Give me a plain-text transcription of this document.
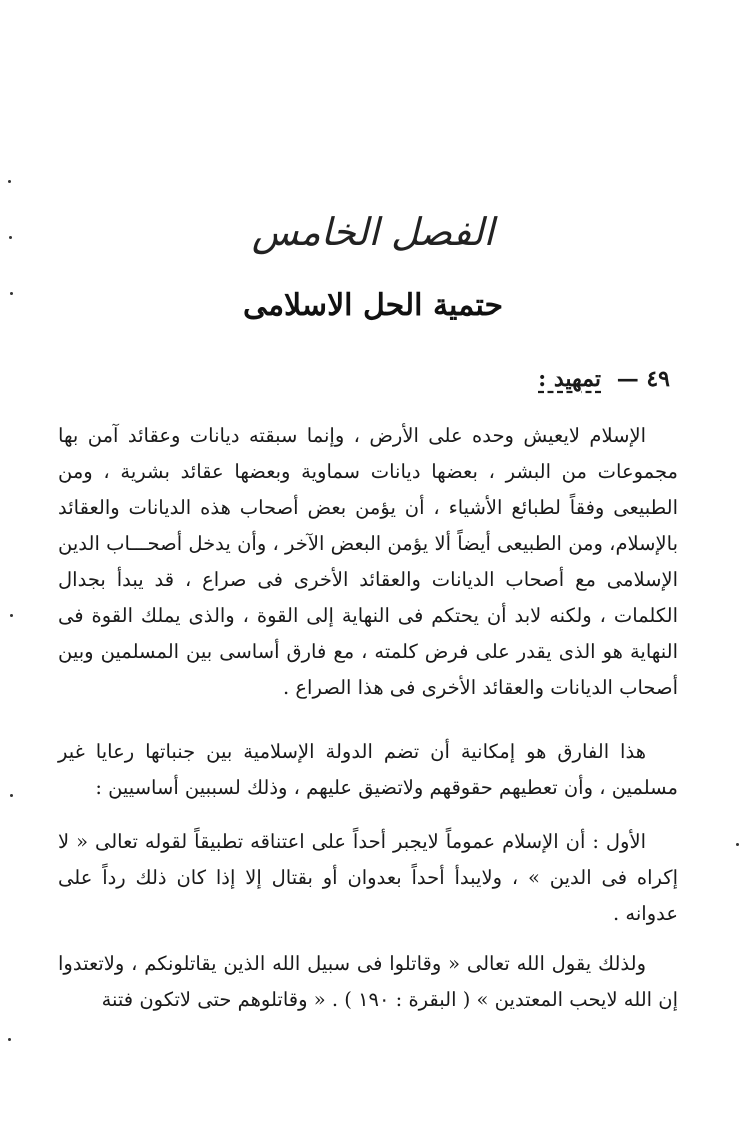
الفصل الخامس
حتمية الحل الاسلامى
٤٩ — تمهيد :

الإسلام لايعيش وحده على الأرض ، وإنما سبقته ديانات وعقائد آمن بها مجموعات من البشر ، بعضها ديانات سماوية وبعضها عقائد بشرية ، ومن الطبيعى وفقاً لطبائع الأشياء ، أن يؤمن بعض أصحاب هذه الديانات والعقائد بالإسلام، ومن الطبيعى أيضاً ألا يؤمن البعض الآخر ، وأن يدخل أصحـــاب الدين الإسلامى مع أصحاب الديانات والعقائد الأخرى فى صراع ، قد يبدأ بجدال الكلمات ، ولكنه لابد أن يحتكم فى النهاية إلى القوة ، والذى يملك القوة فى النهاية هو الذى يقدر على فرض كلمته ، مع فارق أساسى بين المسلمين وبين أصحاب الديانات والعقائد الأخرى فى هذا الصراع .

هذا الفارق هو إمكانية أن تضم الدولة الإسلامية بين جنباتها رعايا غير مسلمين ، وأن تعطيهم حقوقهم ولاتضيق عليهم ، وذلك لسببين أساسيين :

الأول : أن الإسلام عموماً لايجبر أحداً على اعتناقه تطبيقاً لقوله تعالى « لا إكراه فى الدين » ، ولايبدأ أحداً بعدوان أو بقتال إلا إذا كان ذلك رداً على عدوانه .

ولذلك يقول الله تعالى « وقاتلوا فى سبيل الله الذين يقاتلونكم ، ولاتعتدوا إن الله لايحب المعتدين » ( البقرة : ١٩٠ ) . « وقاتلوهم حتى لاتكون فتنة
